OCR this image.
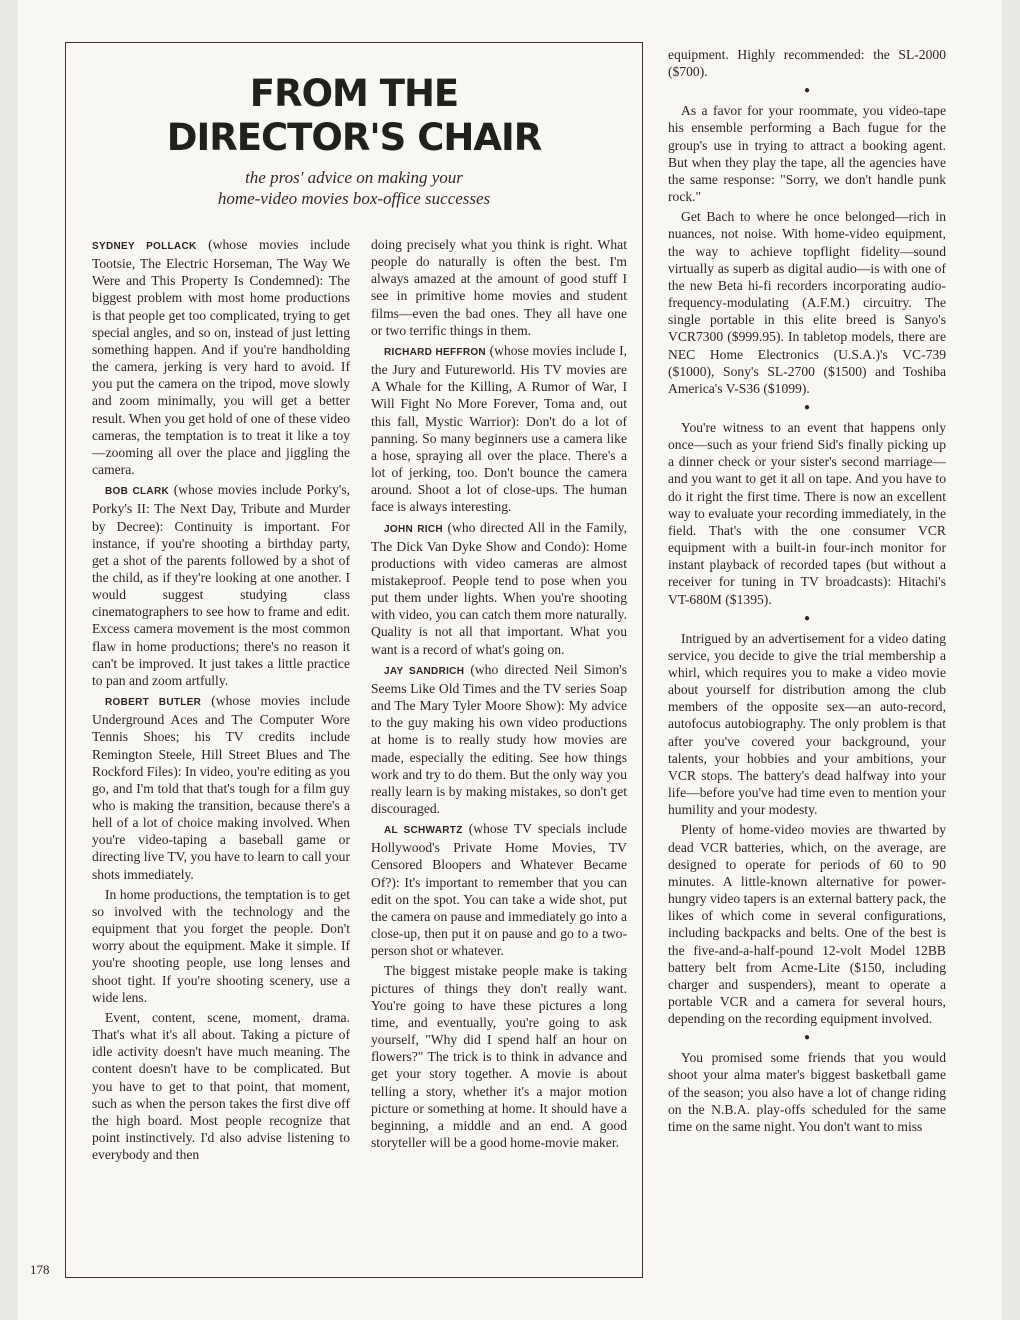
FROM THE
DIRECTOR'S CHAIR
the pros' advice on making your
home-video movies box-office successes

SYDNEY POLLACK (whose movies include Tootsie, The Electric Horseman, The Way We Were and This Property Is Condemned): The biggest problem with most home productions is that people get too complicated, trying to get special angles, and so on, instead of just letting something happen. And if you're handholding the camera, jerking is very hard to avoid. If you put the camera on the tripod, move slowly and zoom minimally, you will get a better result. When you get hold of one of these video cameras, the temptation is to treat it like a toy—zooming all over the place and jiggling the camera.

BOB CLARK (whose movies include Porky's, Porky's II: The Next Day, Tribute and Murder by Decree): Continuity is important. For instance, if you're shooting a birthday party, get a shot of the parents followed by a shot of the child, as if they're looking at one another. I would suggest studying class cinematographers to see how to frame and edit. Excess camera movement is the most common flaw in home productions; there's no reason it can't be improved. It just takes a little practice to pan and zoom artfully.

ROBERT BUTLER (whose movies include Underground Aces and The Computer Wore Tennis Shoes; his TV credits include Remington Steele, Hill Street Blues and The Rockford Files): In video, you're editing as you go, and I'm told that that's tough for a film guy who is making the transition, because there's a hell of a lot of choice making involved. When you're video-taping a baseball game or directing live TV, you have to learn to call your shots immediately.

In home productions, the temptation is to get so involved with the technology and the equipment that you forget the people. Don't worry about the equipment. Make it simple. If you're shooting people, use long lenses and shoot tight. If you're shooting scenery, use a wide lens.

Event, content, scene, moment, drama. That's what it's all about. Taking a picture of idle activity doesn't have much meaning. The content doesn't have to be complicated. But you have to get to that point, that moment, such as when the person takes the first dive off the high board. Most people recognize that point instinctively. I'd also advise listening to everybody and then

doing precisely what you think is right. What people do naturally is often the best. I'm always amazed at the amount of good stuff I see in primitive home movies and student films—even the bad ones. They all have one or two terrific things in them.

RICHARD HEFFRON (whose movies include I, the Jury and Futureworld. His TV movies are A Whale for the Killing, A Rumor of War, I Will Fight No More Forever, Toma and, out this fall, Mystic Warrior): Don't do a lot of panning. So many beginners use a camera like a hose, spraying all over the place. There's a lot of jerking, too. Don't bounce the camera around. Shoot a lot of close-ups. The human face is always interesting.

JOHN RICH (who directed All in the Family, The Dick Van Dyke Show and Condo): Home productions with video cameras are almost mistakeproof. People tend to pose when you put them under lights. When you're shooting with video, you can catch them more naturally. Quality is not all that important. What you want is a record of what's going on.

JAY SANDRICH (who directed Neil Simon's Seems Like Old Times and the TV series Soap and The Mary Tyler Moore Show): My advice to the guy making his own video productions at home is to really study how movies are made, especially the editing. See how things work and try to do them. But the only way you really learn is by making mistakes, so don't get discouraged.

AL SCHWARTZ (whose TV specials include Hollywood's Private Home Movies, TV Censored Bloopers and Whatever Became Of?): It's important to remember that you can edit on the spot. You can take a wide shot, put the camera on pause and immediately go into a close-up, then put it on pause and go to a two-person shot or whatever.

The biggest mistake people make is taking pictures of things they don't really want. You're going to have these pictures a long time, and eventually, you're going to ask yourself, "Why did I spend half an hour on flowers?" The trick is to think in advance and get your story together. A movie is about telling a story, whether it's a major motion picture or something at home. It should have a beginning, a middle and an end. A good storyteller will be a good home-movie maker.

equipment. Highly recommended: the SL-2000 ($700).

●

As a favor for your roommate, you video-tape his ensemble performing a Bach fugue for the group's use in trying to attract a booking agent. But when they play the tape, all the agencies have the same response: "Sorry, we don't handle punk rock."

Get Bach to where he once belonged—rich in nuances, not noise. With home-video equipment, the way to achieve topflight fidelity—sound virtually as superb as digital audio—is with one of the new Beta hi-fi recorders incorporating audio-frequency-modulating (A.F.M.) circuitry. The single portable in this elite breed is Sanyo's VCR7300 ($999.95). In tabletop models, there are NEC Home Electronics (U.S.A.)'s VC-739 ($1000), Sony's SL-2700 ($1500) and Toshiba America's V-S36 ($1099).

●

You're witness to an event that happens only once—such as your friend Sid's finally picking up a dinner check or your sister's second marriage—and you want to get it all on tape. And you have to do it right the first time. There is now an excellent way to evaluate your recording immediately, in the field. That's with the one consumer VCR equipment with a built-in four-inch monitor for instant playback of recorded tapes (but without a receiver for tuning in TV broadcasts): Hitachi's VT-680M ($1395).

●

Intrigued by an advertisement for a video dating service, you decide to give the trial membership a whirl, which requires you to make a video movie about yourself for distribution among the club members of the opposite sex—an auto-record, autofocus autobiography. The only problem is that after you've covered your background, your talents, your hobbies and your ambitions, your VCR stops. The battery's dead halfway into your life—before you've had time even to mention your humility and your modesty.

Plenty of home-video movies are thwarted by dead VCR batteries, which, on the average, are designed to operate for periods of 60 to 90 minutes. A little-known alternative for power-hungry video tapers is an external battery pack, the likes of which come in several configurations, including backpacks and belts. One of the best is the five-and-a-half-pound 12-volt Model 12BB battery belt from Acme-Lite ($150, including charger and suspenders), meant to operate a portable VCR and a camera for several hours, depending on the recording equipment involved.

●

You promised some friends that you would shoot your alma mater's biggest basketball game of the season; you also have a lot of change riding on the N.B.A. play-offs scheduled for the same time on the same night. You don't want to miss

178
